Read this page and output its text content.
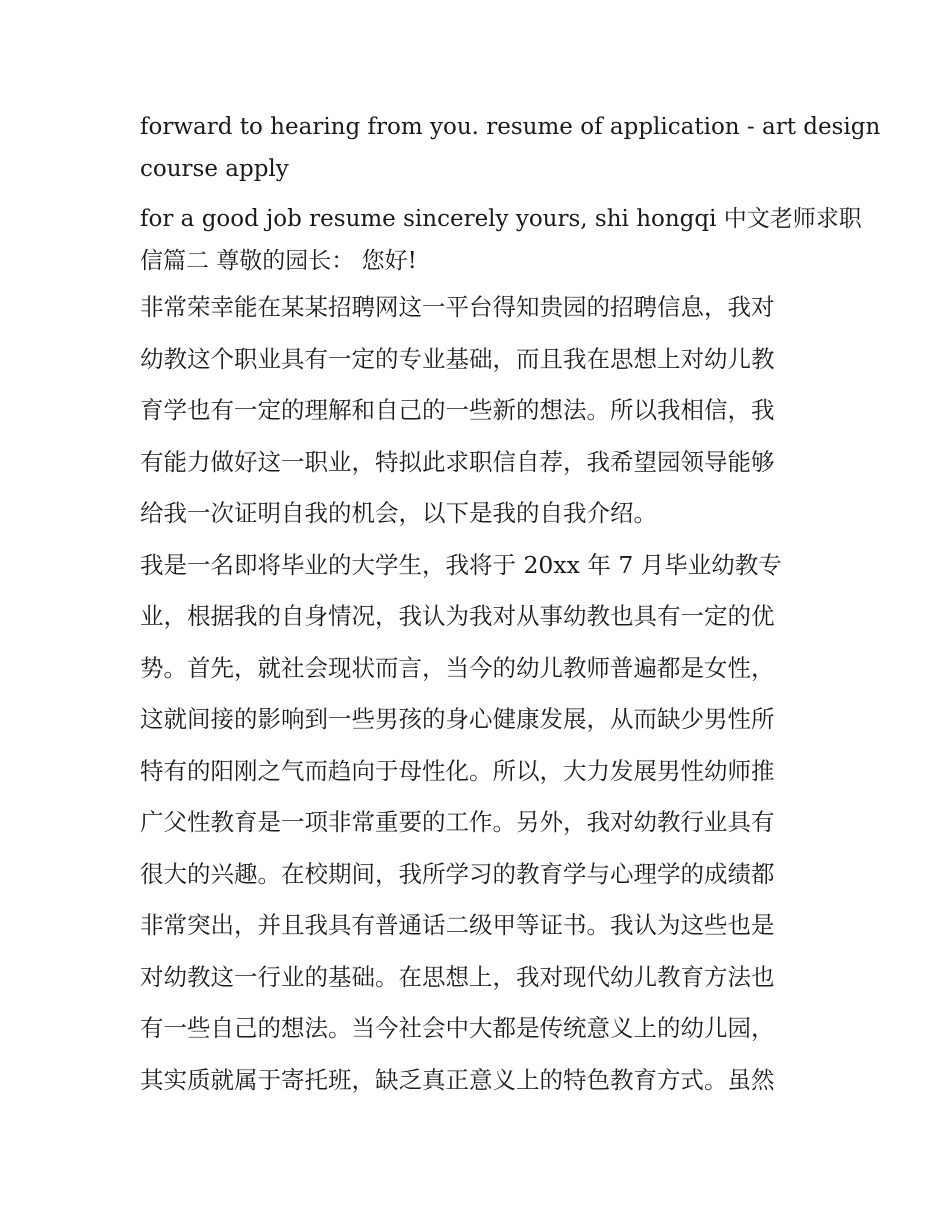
forward to hearing from you. resume of application - art design
course apply
for a good job resume sincerely yours, shi hongqi 中文老师求职
信篇二 尊敬的园长： 您好!
非常荣幸能在某某招聘网这一平台得知贵园的招聘信息，我对
幼教这个职业具有一定的专业基础，而且我在思想上对幼儿教
育学也有一定的理解和自己的一些新的想法。所以我相信，我
有能力做好这一职业，特拟此求职信自荐，我希望园领导能够
给我一次证明自我的机会，以下是我的自我介绍。
我是一名即将毕业的大学生，我将于 20xx 年 7 月毕业幼教专
业，根据我的自身情况，我认为我对从事幼教也具有一定的优
势。首先，就社会现状而言，当今的幼儿教师普遍都是女性，
这就间接的影响到一些男孩的身心健康发展，从而缺少男性所
特有的阳刚之气而趋向于母性化。所以，大力发展男性幼师推
广父性教育是一项非常重要的工作。另外，我对幼教行业具有
很大的兴趣。在校期间，我所学习的教育学与心理学的成绩都
非常突出，并且我具有普通话二级甲等证书。我认为这些也是
对幼教这一行业的基础。在思想上，我对现代幼儿教育方法也
有一些自己的想法。当今社会中大都是传统意义上的幼儿园，
其实质就属于寄托班，缺乏真正意义上的特色教育方式。虽然
